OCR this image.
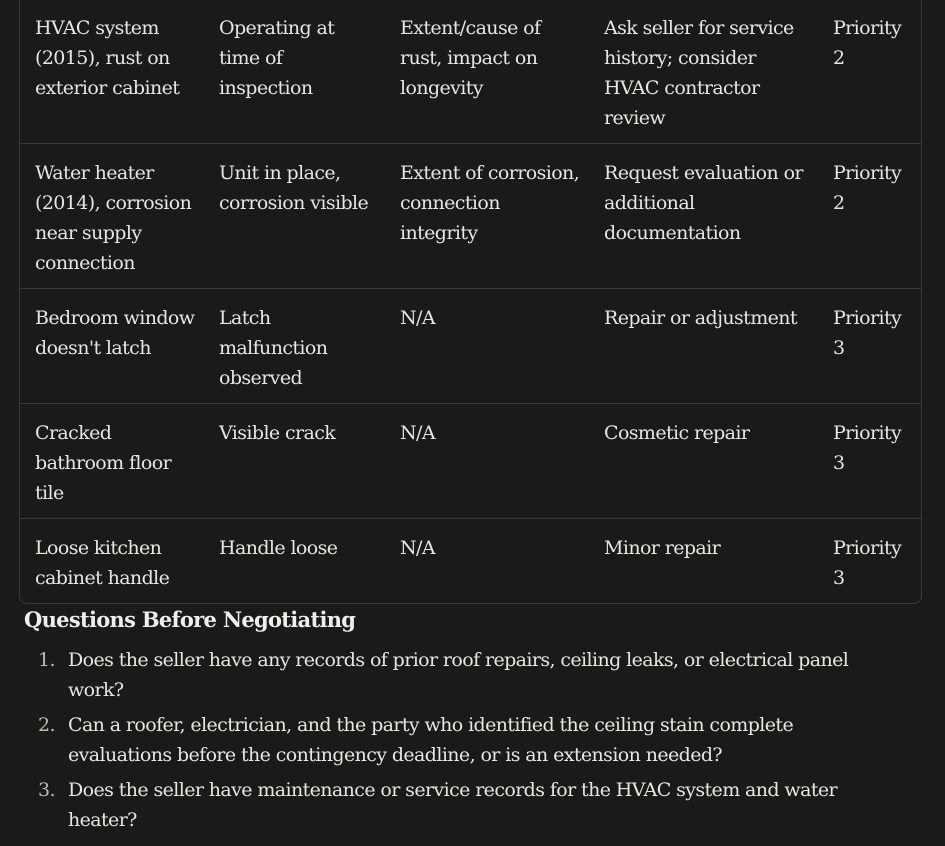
HVAC system (2015), rust on exterior cabinet	Operating at time of inspection	Extent/cause of rust, impact on longevity	Ask seller for service history; consider HVAC contractor review	Priority 2
Water heater (2014), corrosion near supply connection	Unit in place, corrosion visible	Extent of corrosion, connection integrity	Request evaluation or additional documentation	Priority 2
Bedroom window doesn't latch	Latch malfunction observed	N/A	Repair or adjustment	Priority 3
Cracked bathroom floor tile	Visible crack	N/A	Cosmetic repair	Priority 3
Loose kitchen cabinet handle	Handle loose	N/A	Minor repair	Priority 3
Questions Before Negotiating
1. Does the seller have any records of prior roof repairs, ceiling leaks, or electrical panel work?
2. Can a roofer, electrician, and the party who identified the ceiling stain complete evaluations before the contingency deadline, or is an extension needed?
3. Does the seller have maintenance or service records for the HVAC system and water heater?
